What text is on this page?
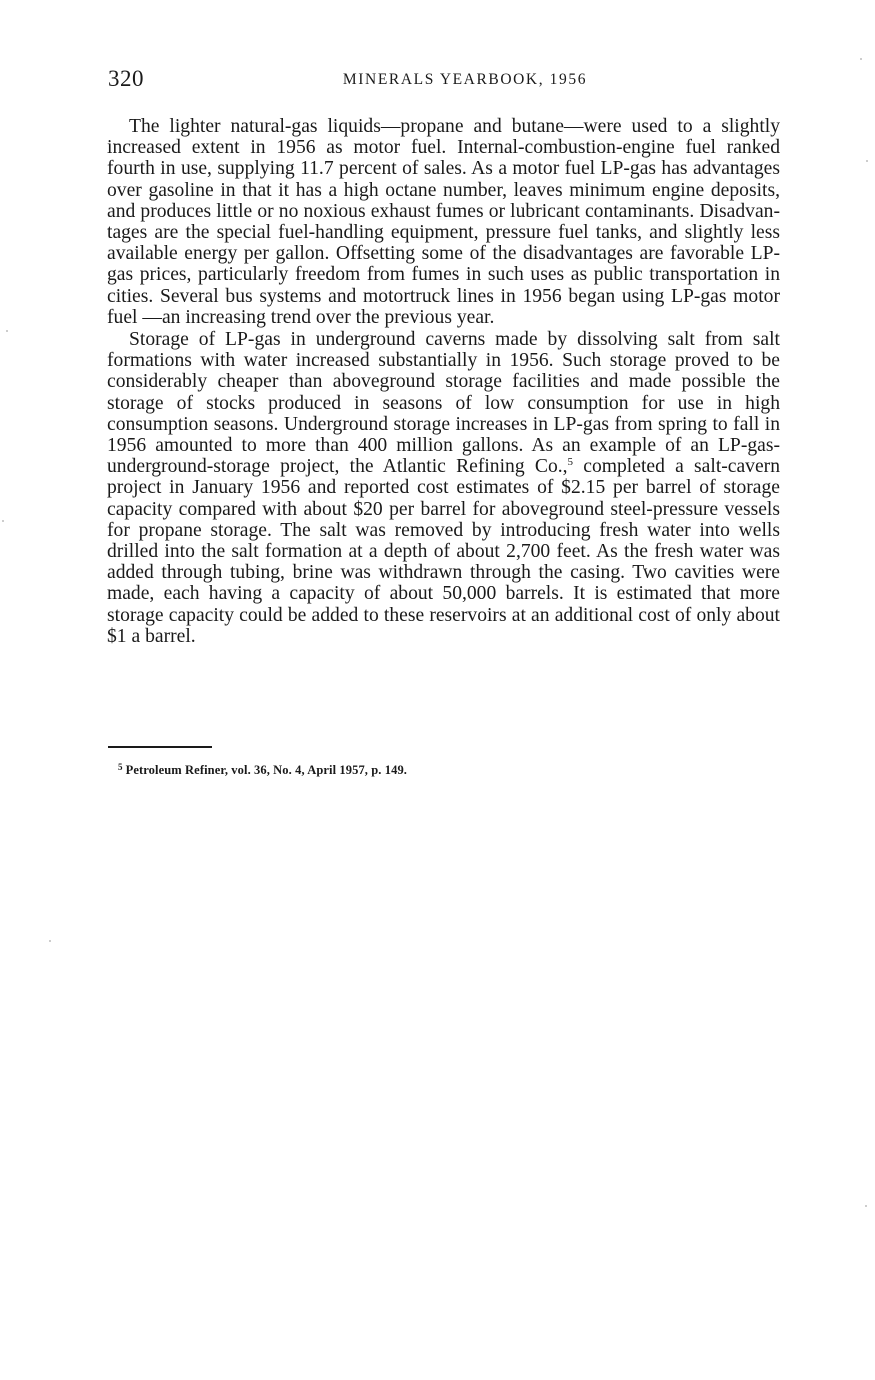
320	MINERALS YEARBOOK, 1956

The lighter natural-gas liquids—propane and butane—were used to a slightly increased extent in 1956 as motor fuel. Internal-combustion-engine fuel ranked fourth in use, supplying 11.7 percent of sales. As a motor fuel LP-gas has advantages over gasoline in that it has a high octane number, leaves minimum engine deposits, and produces little or no noxious exhaust fumes or lubricant contaminants. Disadvantages are the special fuel-handling equipment, pressure fuel tanks, and slightly less available energy per gallon. Offsetting some of the disadvantages are favorable LP-gas prices, particularly freedom from fumes in such uses as public transportation in cities. Several bus systems and motortruck lines in 1956 began using LP-gas motor fuel —an increasing trend over the previous year.

Storage of LP-gas in underground caverns made by dissolving salt from salt formations with water increased substantially in 1956. Such storage proved to be considerably cheaper than aboveground storage facilities and made possible the storage of stocks produced in seasons of low consumption for use in high consumption seasons. Underground storage increases in LP-gas from spring to fall in 1956 amounted to more than 400 million gallons. As an example of an LP-gas-underground-storage project, the Atlantic Refining Co.,$^5$ completed a salt-cavern project in January 1956 and reported cost estimates of $2.15 per barrel of storage capacity compared with about $20 per barrel for aboveground steel-pressure vessels for propane storage. The salt was removed by introducing fresh water into wells drilled into the salt formation at a depth of about 2,700 feet. As the fresh water was added through tubing, brine was withdrawn through the casing. Two cavities were made, each having a capacity of about 50,000 barrels. It is estimated that more storage capacity could be added to these reservoirs at an additional cost of only about $1 a barrel.

$^5$ Petroleum Refiner, vol. 36, No. 4, April 1957, p. 149.
